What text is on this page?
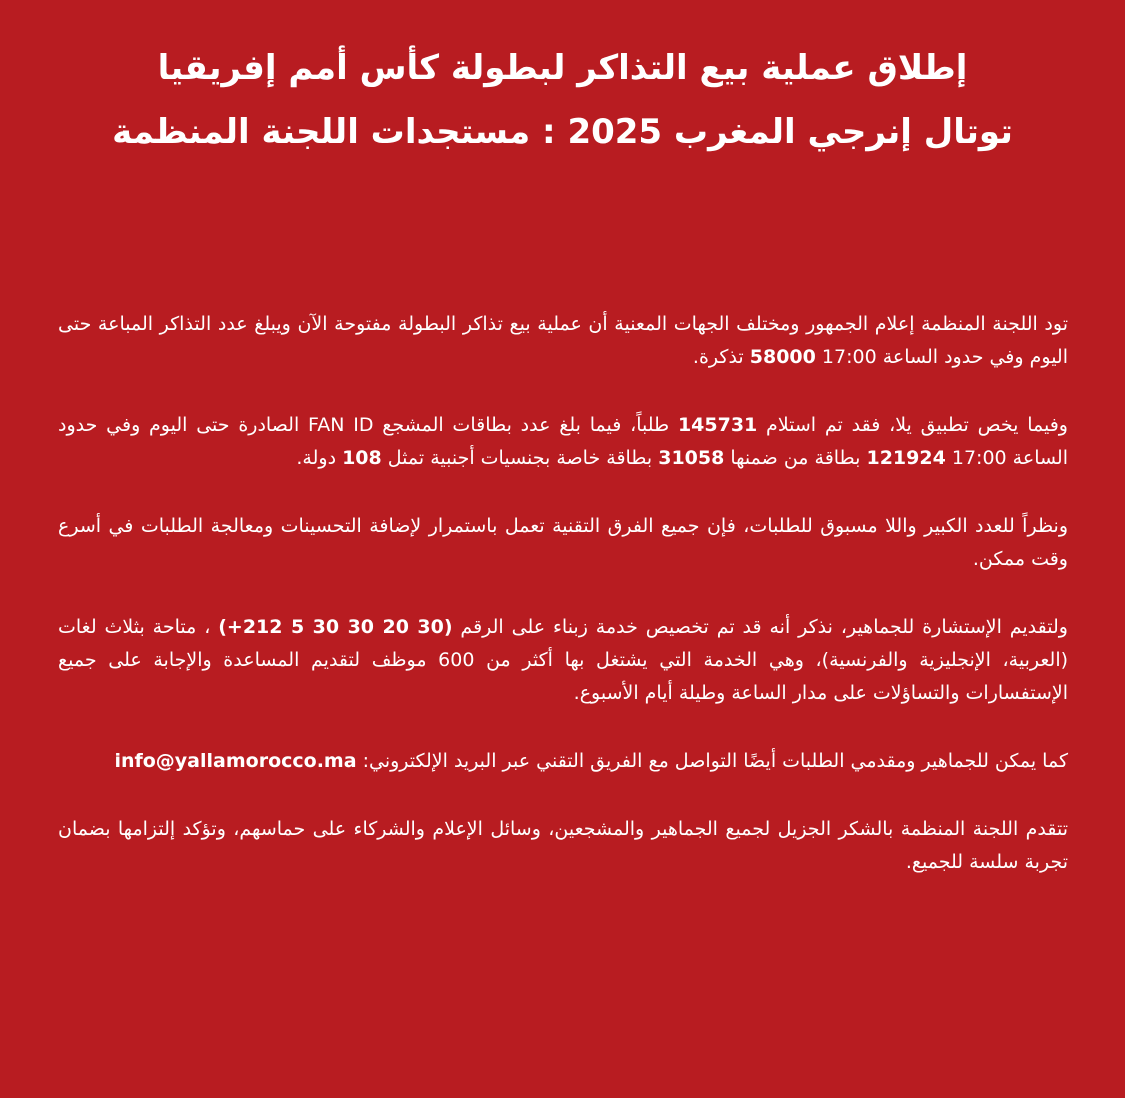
إطلاق عملية بيع التذاكر لبطولة كأس أمم إفريقيا

توتال إنرجي المغرب 2025 : مستجدات اللجنة المنظمة

تود اللجنة المنظمة إعلام الجمهور ومختلف الجهات المعنية أن عملية بيع تذاكر البطولة مفتوحة الآن ويبلغ عدد التذاكر المباعة حتى اليوم وفي حدود الساعة 17:00 58000 تذكرة.

وفيما يخص تطبيق يلا، فقد تم استلام 145731 طلباً، فيما بلغ عدد بطاقات المشجع FAN ID الصادرة حتى اليوم وفي حدود الساعة 17:00 121924 بطاقة من ضمنها 31058 بطاقة خاصة بجنسيات أجنبية تمثل 108 دولة.

ونظراً للعدد الكبير واللا مسبوق للطلبات، فإن جميع الفرق التقنية تعمل باستمرار لإضافة التحسينات ومعالجة الطلبات في أسرع وقت ممكن.

ولتقديم الإستشارة للجماهير، نذكر أنه قد تم تخصيص خدمة زبناء على الرقم (+212 5 30 30 20 30) ، متاحة بثلاث لغات (العربية، الإنجليزية والفرنسية)، وهي الخدمة التي يشتغل بها أكثر من 600 موظف لتقديم المساعدة والإجابة على جميع الإستفسارات والتساؤلات على مدار الساعة وطيلة أيام الأسبوع.

كما يمكن للجماهير ومقدمي الطلبات أيضًا التواصل مع الفريق التقني عبر البريد الإلكتروني: info@yallamorocco.ma

تتقدم اللجنة المنظمة بالشكر الجزيل لجميع الجماهير والمشجعين، وسائل الإعلام والشركاء على حماسهم، وتؤكد إلتزامها بضمان تجربة سلسة للجميع.
